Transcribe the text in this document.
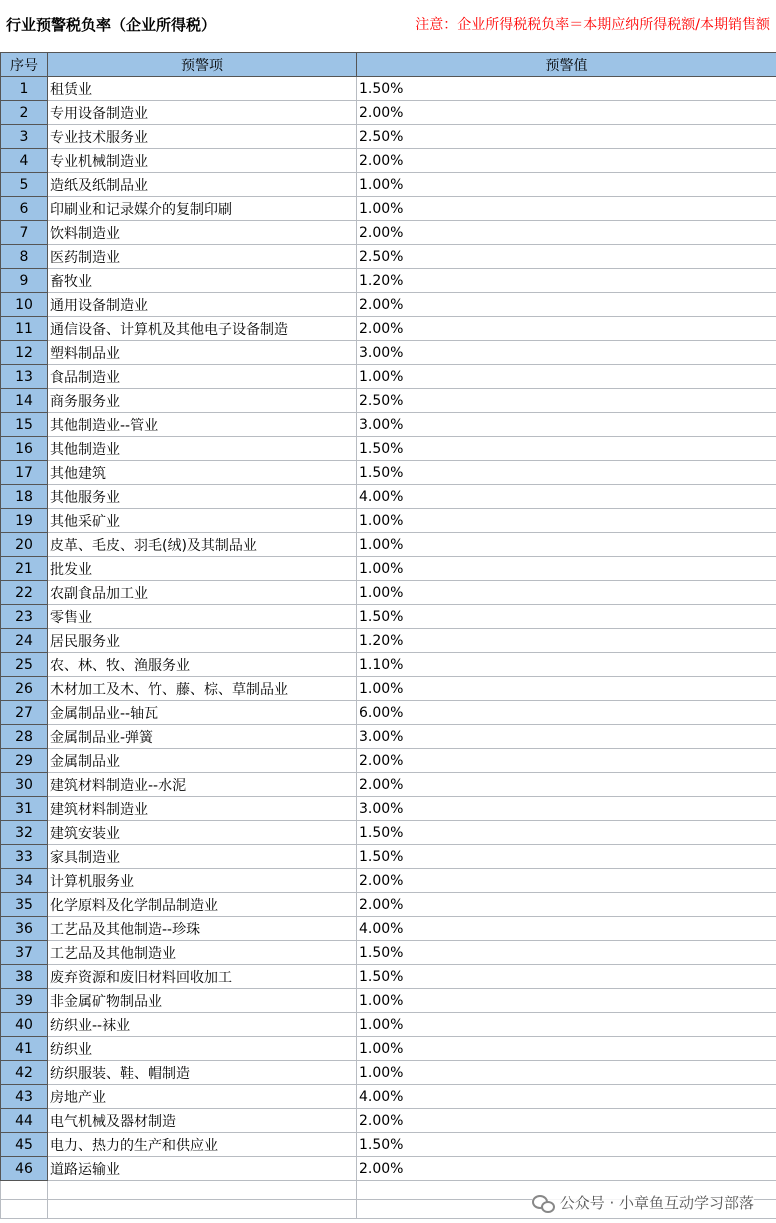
行业预警税负率（企业所得税）	注意：企业所得税税负率＝本期应纳所得税额/本期销售额
序号	预警项	预警值
1	租赁业	1.50%
2	专用设备制造业	2.00%
3	专业技术服务业	2.50%
4	专业机械制造业	2.00%
5	造纸及纸制品业	1.00%
6	印刷业和记录媒介的复制印刷	1.00%
7	饮料制造业	2.00%
8	医药制造业	2.50%
9	畜牧业	1.20%
10	通用设备制造业	2.00%
11	通信设备、计算机及其他电子设备制造	2.00%
12	塑料制品业	3.00%
13	食品制造业	1.00%
14	商务服务业	2.50%
15	其他制造业--管业	3.00%
16	其他制造业	1.50%
17	其他建筑	1.50%
18	其他服务业	4.00%
19	其他采矿业	1.00%
20	皮革、毛皮、羽毛(绒)及其制品业	1.00%
21	批发业	1.00%
22	农副食品加工业	1.00%
23	零售业	1.50%
24	居民服务业	1.20%
25	农、林、牧、渔服务业	1.10%
26	木材加工及木、竹、藤、棕、草制品业	1.00%
27	金属制品业--轴瓦	6.00%
28	金属制品业-弹簧	3.00%
29	金属制品业	2.00%
30	建筑材料制造业--水泥	2.00%
31	建筑材料制造业	3.00%
32	建筑安装业	1.50%
33	家具制造业	1.50%
34	计算机服务业	2.00%
35	化学原料及化学制品制造业	2.00%
36	工艺品及其他制造--珍珠	4.00%
37	工艺品及其他制造业	1.50%
38	废弃资源和废旧材料回收加工	1.50%
39	非金属矿物制品业	1.00%
40	纺织业--袜业	1.00%
41	纺织业	1.00%
42	纺织服装、鞋、帽制造	1.00%
43	房地产业	4.00%
44	电气机械及器材制造	2.00%
45	电力、热力的生产和供应业	1.50%
46	道路运输业	2.00%

公众号 · 小章鱼互动学习部落
